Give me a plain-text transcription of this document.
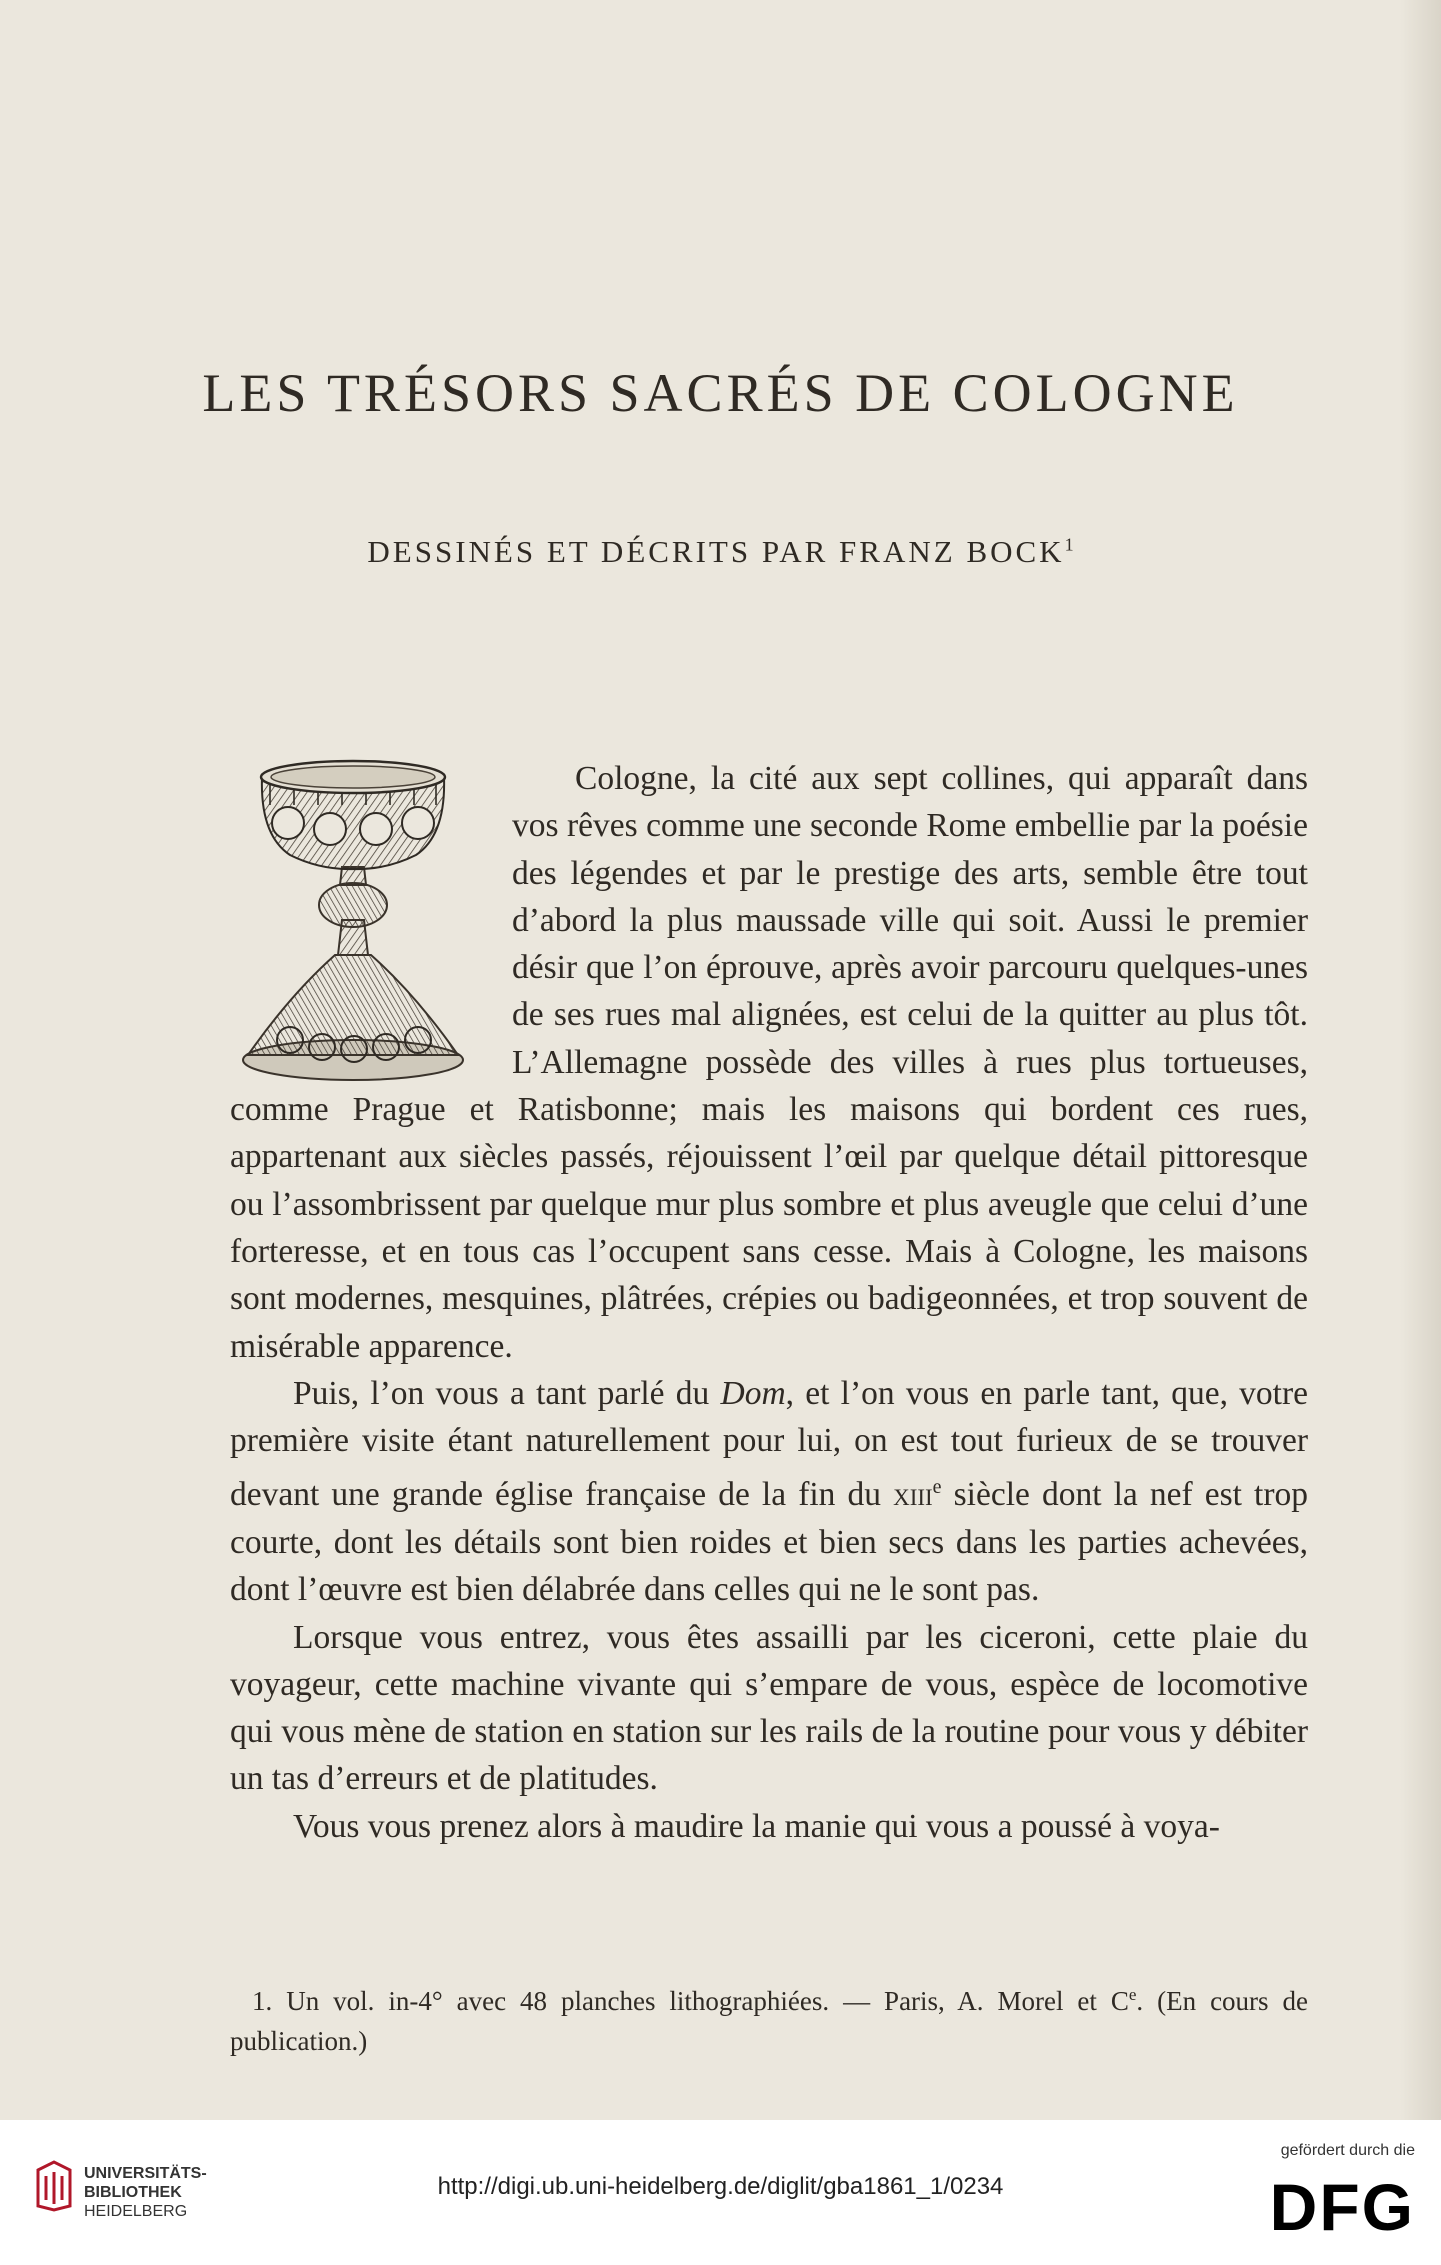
LES TRÉSORS SACRÉS DE COLOGNE
DESSINÉS ET DÉCRITS PAR FRANZ BOCK$^1$

Cologne, la cité aux sept collines, qui apparaît dans vos rêves comme une seconde Rome embellie par la poésie des légendes et par le prestige des arts, semble être tout d’abord la plus maussade ville qui soit. Aussi le premier désir que l’on éprouve, après avoir parcouru quelques-unes de ses rues mal alignées, est celui de la quitter au plus tôt. L’Allemagne possède des villes à rues plus tortueuses, comme Prague et Ratisbonne; mais les maisons qui bordent ces rues, appartenant aux siècles passés, réjouissent l’œil par quelque détail pittoresque ou l’assombrissent par quelque mur plus sombre et plus aveugle que celui d’une forteresse, et en tous cas l’occupent sans cesse. Mais à Cologne, les maisons sont modernes, mesquines, plâtrées, crépies ou badigeonnées, et trop souvent de misérable apparence.

Puis, l’on vous a tant parlé du Dom, et l’on vous en parle tant, que, votre première visite étant naturellement pour lui, on est tout furieux de se trouver devant une grande église française de la fin du xiii$^e$ siècle dont la nef est trop courte, dont les détails sont bien roides et bien secs dans les parties achevées, dont l’œuvre est bien délabrée dans celles qui ne le sont pas.

Lorsque vous entrez, vous êtes assailli par les ciceroni, cette plaie du voyageur, cette machine vivante qui s’empare de vous, espèce de locomotive qui vous mène de station en station sur les rails de la routine pour vous y débiter un tas d’erreurs et de platitudes.

Vous vous prenez alors à maudire la manie qui vous a poussé à voya-

1. Un vol. in-4° avec 48 planches lithographiées. — Paris, A. Morel et Ce. (En cours de publication.)

UNIVERSITÄTS-
BIBLIOTHEK
HEIDELBERG
http://digi.ub.uni-heidelberg.de/diglit/gba1861_1/0234
gefördert durch die
DFG
